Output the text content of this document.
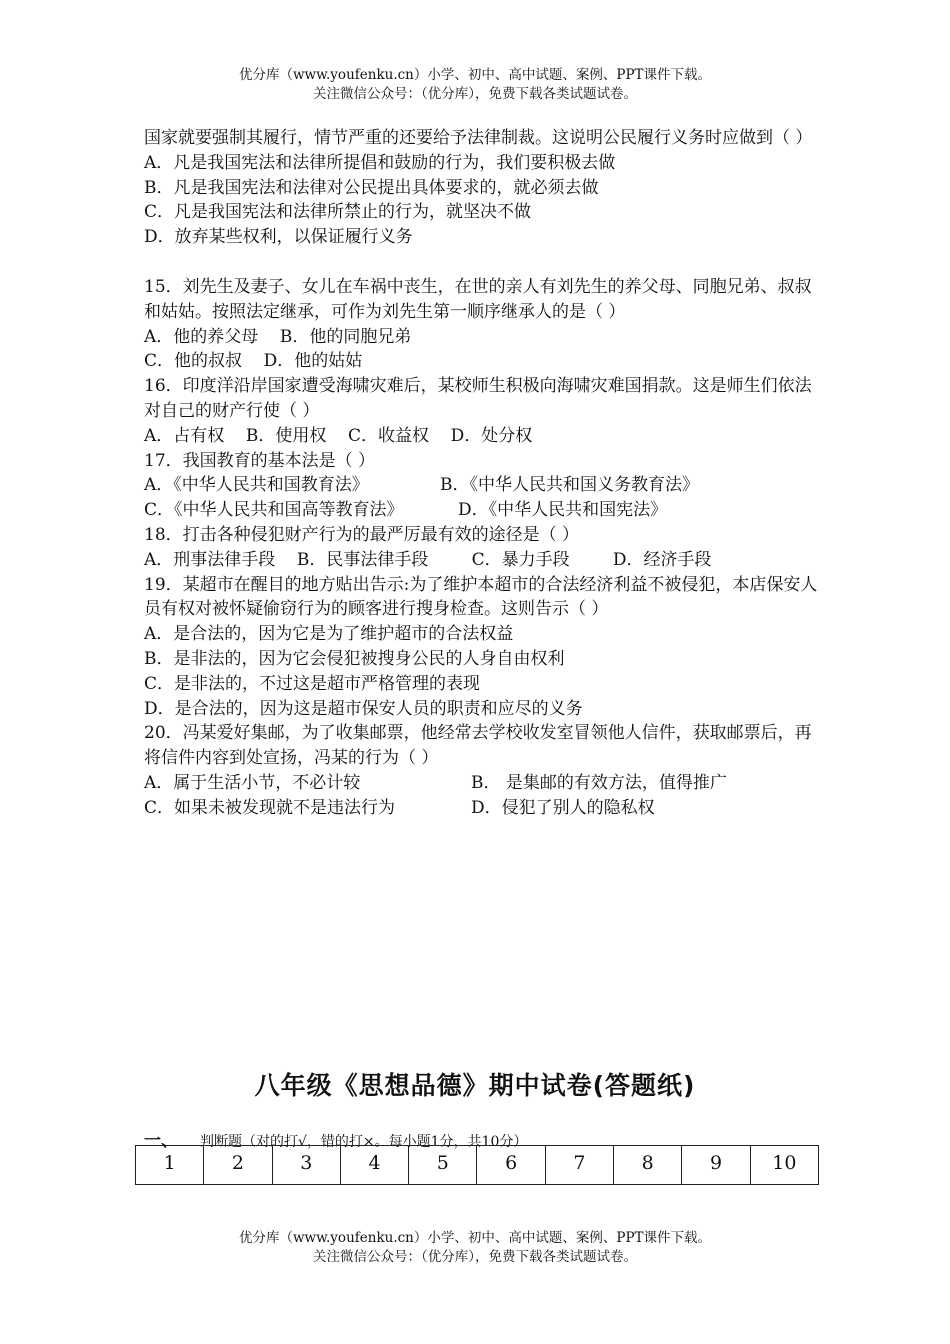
优分库（www.youfenku.cn）小学、初中、高中试题、案例、PPT课件下载。
关注微信公众号：（优分库），免费下载各类试题试卷。

国家就要强制其履行，情节严重的还要给予法律制裁。这说明公民履行义务时应做到（ ）

A．凡是我国宪法和法律所提倡和鼓励的行为，我们要积极去做

B．凡是我国宪法和法律对公民提出具体要求的，就必须去做

C．凡是我国宪法和法律所禁止的行为，就坚决不做

D．放弃某些权利，以保证履行义务

15．刘先生及妻子、女儿在车祸中丧生，在世的亲人有刘先生的养父母、同胞兄弟、叔叔和姑姑。按照法定继承，可作为刘先生第一顺序继承人的是（ ）

A．他的养父母    B．他的同胞兄弟

C．他的叔叔    D．他的姑姑

16．印度洋沿岸国家遭受海啸灾难后，某校师生积极向海啸灾难国捐款。这是师生们依法对自己的财产行使（ ）

A．占有权    B．使用权    C．收益权    D．处分权

17．我国教育的基本法是（ ）

A．《中华人民共和国教育法》	B．《中华人民共和国义务教育法》
C．《中华人民共和国高等教育法》	D．《中华人民共和国宪法》

18．打击各种侵犯财产行为的最严厉最有效的途径是（ ）

A．刑事法律手段    B．民事法律手段        C．暴力手段        D．经济手段

19．某超市在醒目的地方贴出告示:为了维护本超市的合法经济利益不被侵犯，本店保安人员有权对被怀疑偷窃行为的顾客进行搜身检查。这则告示（ ）

A．是合法的，因为它是为了维护超市的合法权益

B．是非法的，因为它会侵犯被搜身公民的人身自由权利

C．是非法的，不过这是超市严格管理的表现

D．是合法的，因为这是超市保安人员的职责和应尽的义务

20．冯某爱好集邮，为了收集邮票，他经常去学校收发室冒领他人信件，获取邮票后，再将信件内容到处宣扬，冯某的行为（ ）

A．属于生活小节，不必计较	B． 是集邮的有效方法，值得推广
C．如果未被发现就不是违法行为	D．侵犯了别人的隐私权
八年级《思想品德》期中试卷(答题纸)
一、 判断题（对的打√，错的打×。每小题1分，共10分）
1	2	3	4	5	6	7	8	9	10
优分库（www.youfenku.cn）小学、初中、高中试题、案例、PPT课件下载。
关注微信公众号：（优分库），免费下载各类试题试卷。
